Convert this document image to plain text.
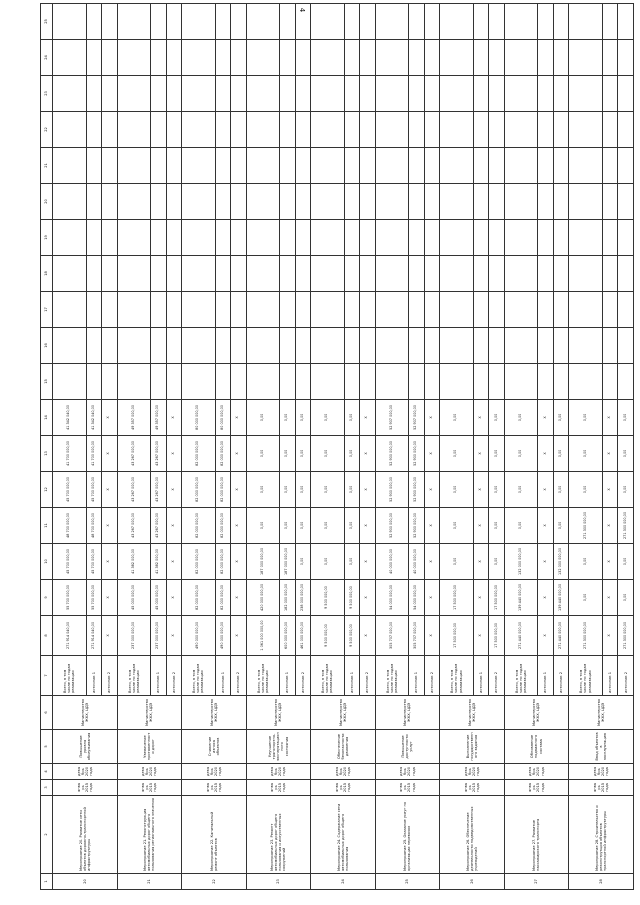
4
1	2	3	4	5	6	7	8	9	10	11	12	13	14	15	16	17	18	19	20	21	22	23	24	25	
20	Мероприятие 20. Развитие сети объектов дорожно-транспортной инфраструктуры	январь 2015 года	декабрь 2020 года	Повышение уровня обслуживания	Министерство ЖКХ, ЦДЭ	Всего, в том числе по годам реализации	271 914 040,00	55 700 000,00	45 700 000,00	48 700 000,00	45 700 000,00	41 700 000,00	41 342 040,00												
						источник 1	271 914 040,00	55 700 000,00	45 700 000,00	48 700 000,00	45 700 000,00	41 700 000,00	41 342 040,00												
						источник 2	Х	Х	Х	Х	Х	Х	Х												
21	Мероприятие 21. Реконструкция автомобильных дорог общего пользования регионального значения	январь 2015 года	декабрь 2020 года	Увеличение протяженности дорог	Министерство ЖКХ, ЦДЭ	Всего, в том числе по годам реализации	237 000 000,00	45 000 000,00	41 382 000,00	43 267 000,00	43 267 000,00	43 267 000,00	49 357 000,00												
						источник 1	237 000 000,00	45 000 000,00	41 382 000,00	43 267 000,00	43 267 000,00	43 267 000,00	49 357 000,00												
						источник 2	Х	Х	Х	Х	Х	Х	Х												
22	Мероприятие 22. Капитальный ремонт объектов	январь 2015 года	декабрь 2020 года	Снижение износа объектов	Министерство ЖКХ, ЦДЭ	Всего, в том числе по годам реализации	490 000 000,00	82 000 000,00	82 000 000,00	82 000 000,00	82 000 000,00	82 000 000,00	80 000 000,00												
						источник 1	490 000 000,00	82 000 000,00	82 000 000,00	82 000 000,00	82 000 000,00	82 000 000,00	80 000 000,00												
						источник 2	Х	Х	Х	Х	Х	Х	Х												
23	Мероприятие 23. Ремонт автомобильных дорог общего пользования и искусственных сооружений	январь 2015 года	декабрь 2020 года	Улучшение транспортно-эксплуатационного состояния	Министерство ЖКХ, ЦДЭ	Всего, в том числе по годам реализации	1 061 000 000,00	420 000 000,00	187 000 000,00	0,00	0,00	0,00	0,00												
						источник 1	600 000 000,00	182 000 000,00	187 000 000,00	0,00	0,00	0,00	0,00												
						источник 2	461 000 000,00	238 000 000,00	0,00	0,00	0,00	0,00	0,00												
24	Мероприятие 24. Содержание сети автомобильных дорог общего пользования	январь 2015 года	декабрь 2020 года	Обеспечение безопасности движения	Министерство ЖКХ, ЦДЭ	Всего, в том числе по годам реализации	9 500 000,00	9 500 000,00	0,00	0,00	0,00	0,00	0,00												
						источник 1	9 500 000,00	9 500 000,00	0,00	0,00	0,00	0,00	0,00												
						источник 2	Х	Х	Х	Х	Х	Х	Х												
25	Мероприятие 25. Оказание услуг по организации перевозок	январь 2015 года	декабрь 2020 года	Повышение доступности услуг	Министерство ЖКХ, ЦДЭ	Всего, в том числе по годам реализации	305 707 000,00	54 000 000,00	40 000 000,00	52 900 000,00	52 900 000,00	52 900 000,00	52 907 000,00												
						источник 1	305 707 000,00	54 000 000,00	40 000 000,00	52 900 000,00	52 900 000,00	52 900 000,00	52 907 000,00												
						источник 2	Х	Х	Х	Х	Х	Х	Х												
26	Мероприятие 26. Обеспечение деятельности подведомственных учреждений	январь 2015 года	декабрь 2020 года	Выполнение государственного задания	Министерство ЖКХ, ЦДЭ	Всего, в том числе по годам реализации	17 500 000,00	17 500 000,00	0,00	0,00	0,00	0,00	0,00												
						источник 1	Х	Х	Х	Х	Х	Х	Х												
						источник 2	17 500 000,00	17 500 000,00	0,00	0,00	0,00	0,00	0,00												
27	Мероприятие 27. Развитие пассажирского транспорта	январь 2015 года	декабрь 2020 года	Обновление подвижного состава	Министерство ЖКХ, ЦДЭ	Всего, в том числе по годам реализации	271 440 000,00	139 440 000,00	132 000 000,00	0,00	0,00	0,00	0,00												
						источник 1	Х	Х	Х	Х	Х	Х	Х												
						источник 2	271 440 000,00	139 440 000,00	132 000 000,00	0,00	0,00	0,00	0,00												
28	Мероприятие 28. Строительство и реконструкция объектов транспортной инфраструктуры	январь 2015 года	декабрь 2020 года	Ввод объектов в эксплуатацию	Министерство ЖКХ, ЦДЭ	Всего, в том числе по годам реализации	271 300 000,00	0,00	0,00	271 300 000,00	0,00	0,00	0,00												
						источник 1	Х	Х	Х	Х	Х	Х	Х												
						источник 2	271 300 000,00	0,00	0,00	271 300 000,00	0,00	0,00	0,00												
